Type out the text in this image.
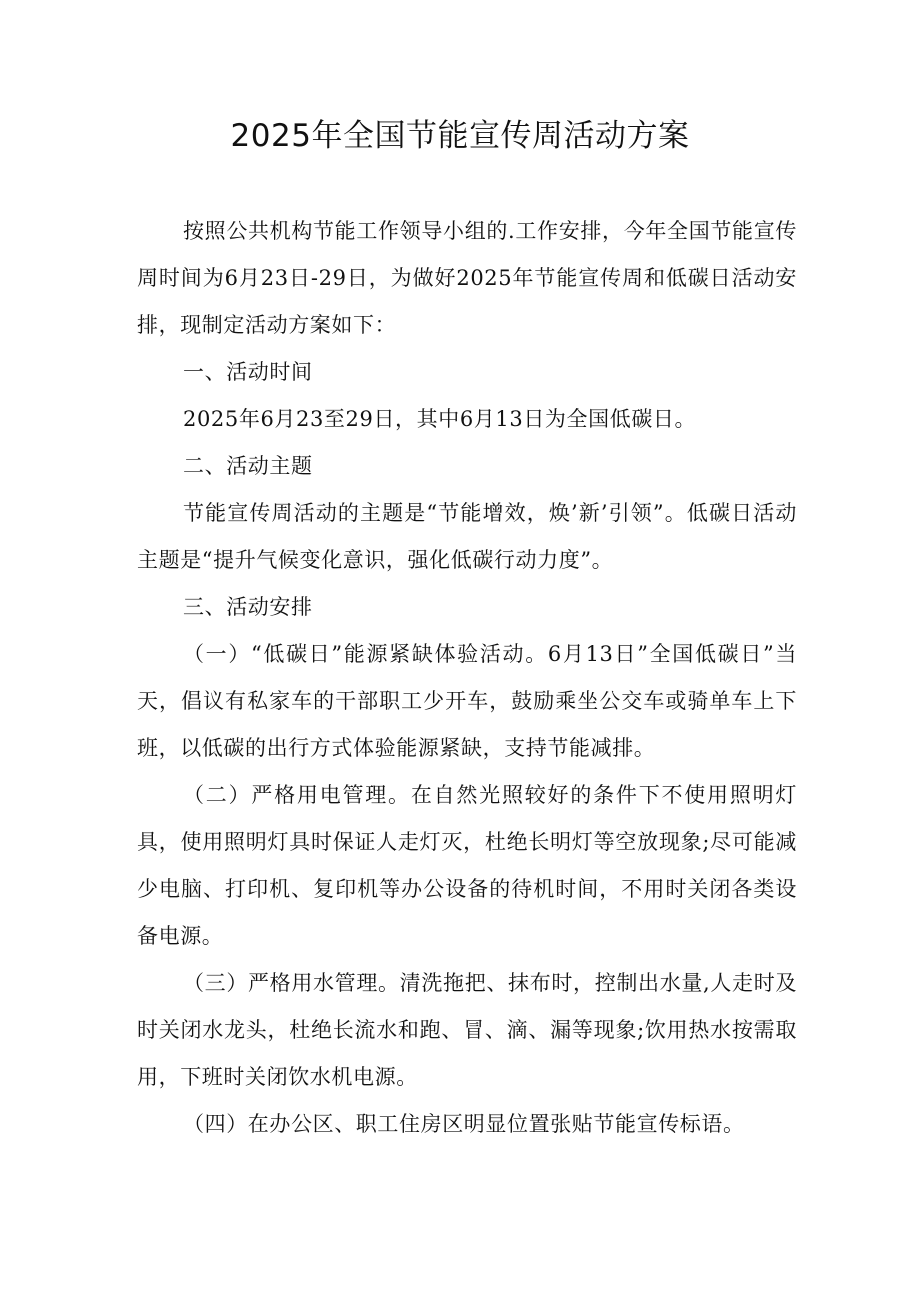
2025年全国节能宣传周活动方案

按照公共机构节能工作领导小组的.工作安排，今年全国节能宣传周时间为6月23日-29日，为做好2025年节能宣传周和低碳日活动安排，现制定活动方案如下：

一、活动时间

2025年6月23至29日，其中6月13日为全国低碳日。

二、活动主题

节能宣传周活动的主题是“节能增效，焕’新’引领”。低碳日活动主题是“提升气候变化意识，强化低碳行动力度”。

三、活动安排

（一）“低碳日”能源紧缺体验活动。6月13日”全国低碳日”当天，倡议有私家车的干部职工少开车，鼓励乘坐公交车或骑单车上下班，以低碳的出行方式体验能源紧缺，支持节能减排。

（二）严格用电管理。在自然光照较好的条件下不使用照明灯具，使用照明灯具时保证人走灯灭，杜绝长明灯等空放现象;尽可能减少电脑、打印机、复印机等办公设备的待机时间，不用时关闭各类设备电源。

（三）严格用水管理。清洗拖把、抹布时，控制出水量,人走时及时关闭水龙头，杜绝长流水和跑、冒、滴、漏等现象;饮用热水按需取用，下班时关闭饮水机电源。

（四）在办公区、职工住房区明显位置张贴节能宣传标语。
